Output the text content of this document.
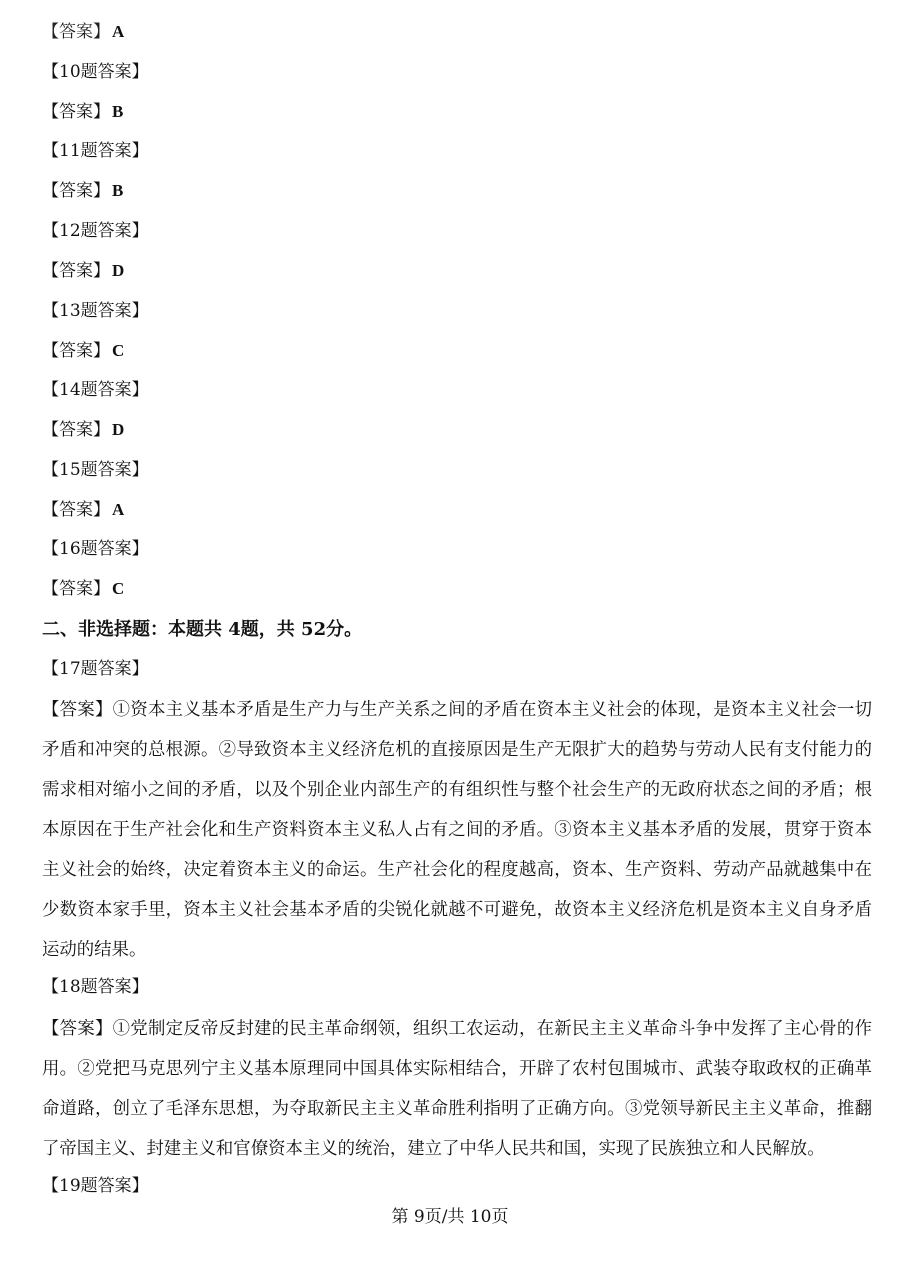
【答案】 A
【10题答案】
【答案】 B
【11题答案】
【答案】 B
【12题答案】
【答案】 D
【13题答案】
【答案】 C
【14题答案】
【答案】 D
【15题答案】
【答案】 A
【16题答案】
【答案】 C
二、非选择题：本题共 4题，共 52分。
【17题答案】
【答案】①资本主义基本矛盾是生产力与生产关系之间的矛盾在资本主义社会的体现，是资本主义社会一切矛盾和冲突的总根源。②导致资本主义经济危机的直接原因是生产无限扩大的趋势与劳动人民有支付能力的需求相对缩小之间的矛盾，以及个别企业内部生产的有组织性与整个社会生产的无政府状态之间的矛盾；根本原因在于生产社会化和生产资料资本主义私人占有之间的矛盾。③资本主义基本矛盾的发展，贯穿于资本主义社会的始终，决定着资本主义的命运。生产社会化的程度越高，资本、生产资料、劳动产品就越集中在少数资本家手里，资本主义社会基本矛盾的尖锐化就越不可避免，故资本主义经济危机是资本主义自身矛盾运动的结果。
【18题答案】
【答案】①党制定反帝反封建的民主革命纲领，组织工农运动，在新民主主义革命斗争中发挥了主心骨的作用。②党把马克思列宁主义基本原理同中国具体实际相结合，开辟了农村包围城市、武装夺取政权的正确革命道路，创立了毛泽东思想，为夺取新民主主义革命胜利指明了正确方向。③党领导新民主主义革命，推翻了帝国主义、封建主义和官僚资本主义的统治，建立了中华人民共和国，实现了民族独立和人民解放。
【19题答案】
第 9页/共 10页
